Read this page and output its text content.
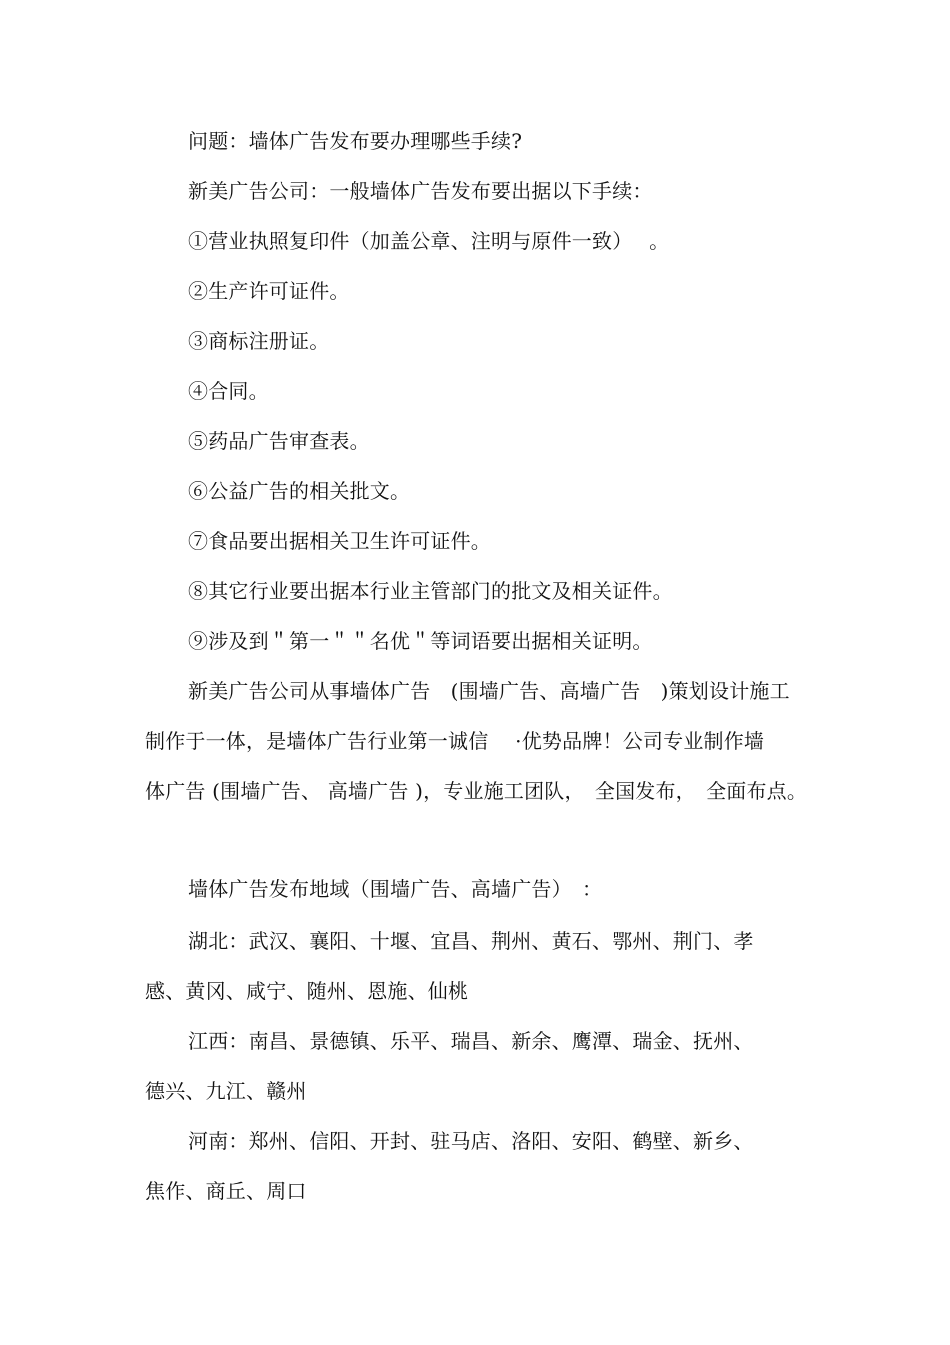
问题：墙体广告发布要办理哪些手续?
新美广告公司：一般墙体广告发布要出据以下手续：
①营业执照复印件（加盖公章、注明与原件一致）　 。
②生产许可证件。
③商标注册证。
④合同。
⑤药品广告审查表。
⑥公益广告的相关批文。
⑦食品要出据相关卫生许可证件。
⑧其它行业要出据本行业主管部门的批文及相关证件。
⑨涉及到＂第一＂＂名优＂等词语要出据相关证明。
新美广告公司从事墙体广告　(围墙广告、高墙广告　)策划设计施工
制作于一体，是墙体广告行业第一诚信　 ·优势品牌！公司专业制作墙
体广告 (围墙广告、 高墙广告 )，专业施工团队，　全国发布，　全面布点。
墙体广告发布地域（围墙广告、高墙广告）　：
湖北：武汉、襄阳、十堰、宜昌、荆州、黄石、鄂州、荆门、孝
感、黄冈、咸宁、随州、恩施、仙桃
江西：南昌、景德镇、乐平、瑞昌、新余、鹰潭、瑞金、抚州、
德兴、九江、赣州
河南：郑州、信阳、开封、驻马店、洛阳、安阳、鹤壁、新乡、
焦作、商丘、周口
